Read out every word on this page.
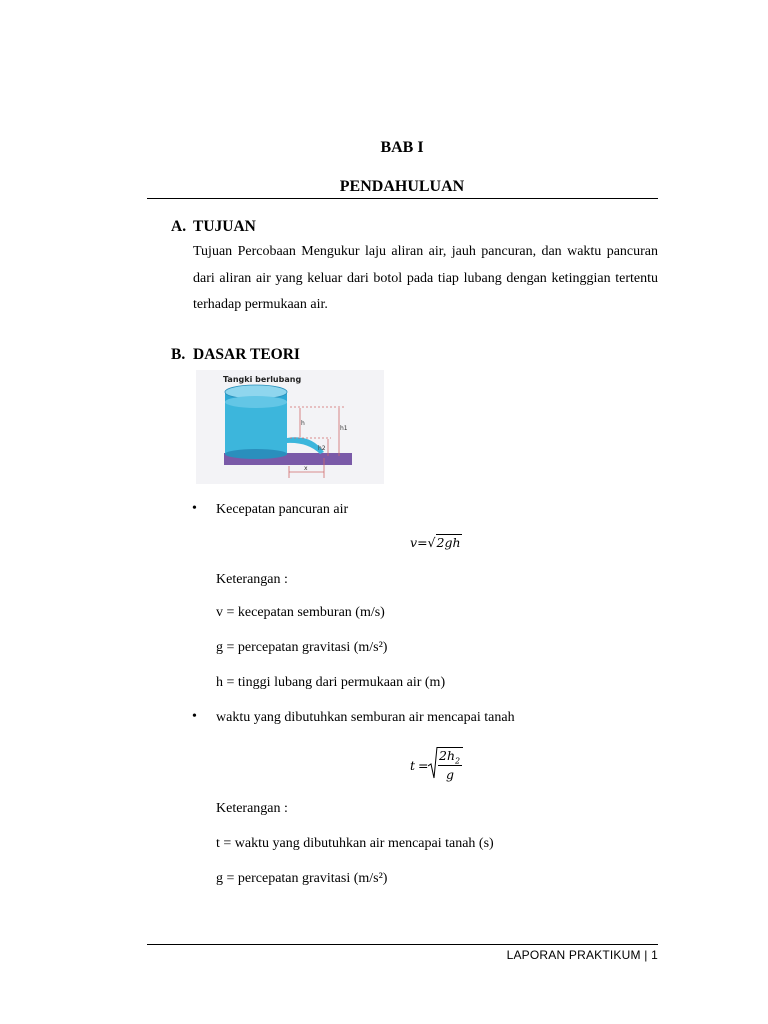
BAB I
PENDAHULUAN
A. TUJUAN
Tujuan Percobaan Mengukur laju aliran air, jauh pancuran, dan waktu pancuran dari aliran air yang keluar dari botol pada tiap lubang dengan ketinggian tertentu terhadap permukaan air.
B. DASAR TEORI
Tangki berlubang
h
h1
h2
x
• Kecepatan pancuran air
v=√2gh
Keterangan :
v = kecepatan semburan (m/s)
g = percepatan gravitasi (m/s²)
h = tinggi lubang dari permukaan air (m)
• waktu yang dibutuhkan semburan air mencapai tanah
t =
$2h_2$
g
Keterangan :
t = waktu yang dibutuhkan air mencapai tanah (s)
g = percepatan gravitasi (m/s²)
LAPORAN PRAKTIKUM | 1
